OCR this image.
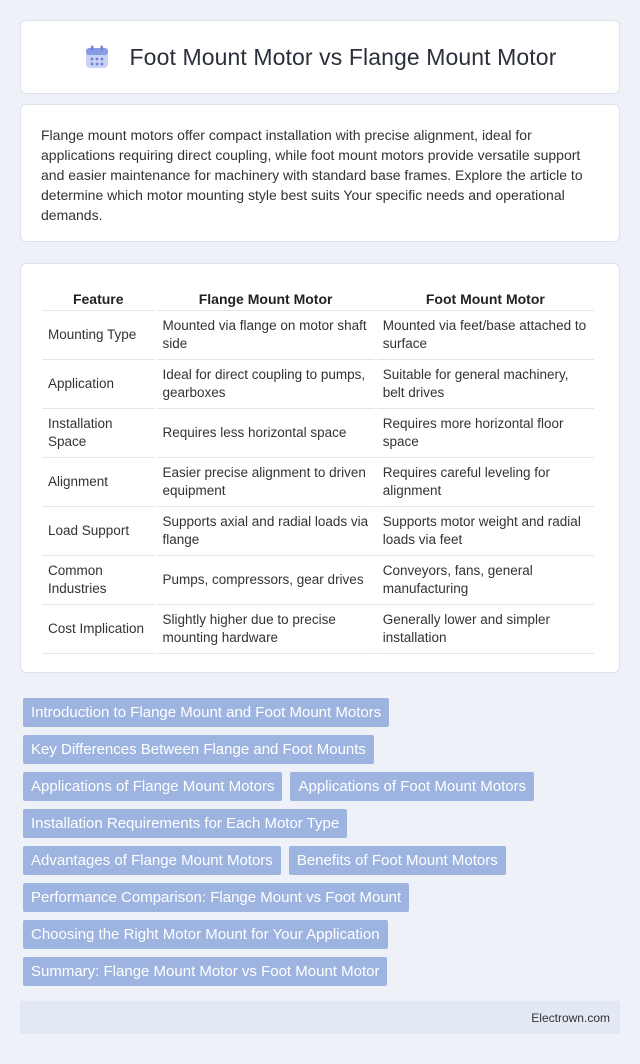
Foot Mount Motor vs Flange Mount Motor

Flange mount motors offer compact installation with precise alignment, ideal for applications requiring direct coupling, while foot mount motors provide versatile support and easier maintenance for machinery with standard base frames. Explore the article to determine which motor mounting style best suits Your specific needs and operational demands.

Feature	Flange Mount Motor	Foot Mount Motor
Mounting Type	Mounted via flange on motor shaft side	Mounted via feet/base attached to surface
Application	Ideal for direct coupling to pumps, gearboxes	Suitable for general machinery, belt drives
Installation Space	Requires less horizontal space	Requires more horizontal floor space
Alignment	Easier precise alignment to driven equipment	Requires careful leveling for alignment
Load Support	Supports axial and radial loads via flange	Supports motor weight and radial loads via feet
Common Industries	Pumps, compressors, gear drives	Conveyors, fans, general manufacturing
Cost Implication	Slightly higher due to precise mounting hardware	Generally lower and simpler installation
Introduction to Flange Mount and Foot Mount Motors
Key Differences Between Flange and Foot Mounts
Applications of Flange Mount Motors	Applications of Foot Mount Motors
Installation Requirements for Each Motor Type
Advantages of Flange Mount Motors	Benefits of Foot Mount Motors
Performance Comparison: Flange Mount vs Foot Mount
Choosing the Right Motor Mount for Your Application
Summary: Flange Mount Motor vs Foot Mount Motor
Electrown.com
